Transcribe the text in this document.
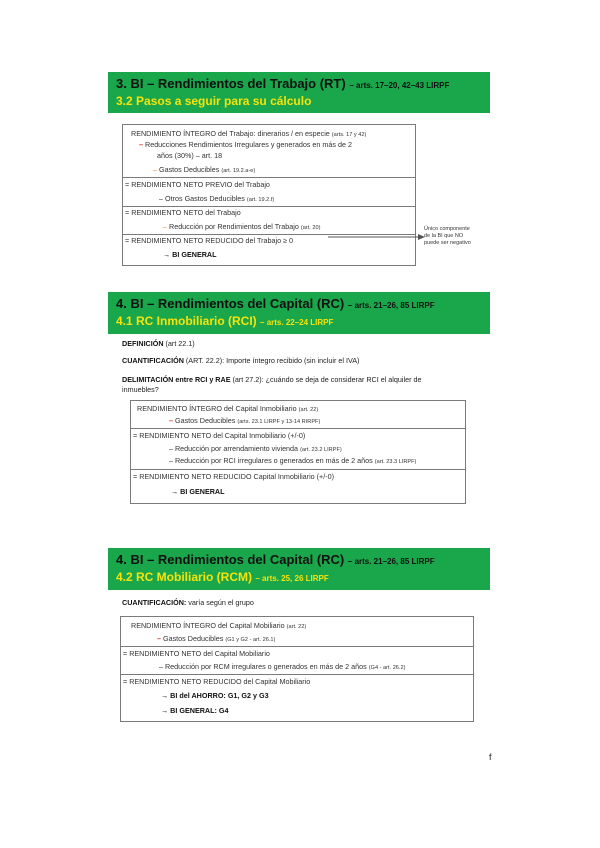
3. BI – Rendimientos del Trabajo (RT) – arts. 17–20, 42–43 LIRPF
3.2 Pasos a seguir para su cálculo
RENDIMIENTO ÍNTEGRO del Trabajo: dinerarios / en especie (arts. 17 y 42)
– Reducciones Rendimientos Irregulares y generados en más de 2
años (30%) – art. 18
– Gastos Deducibles (art. 19.2.a-e)
= RENDIMIENTO NETO PREVIO del Trabajo
– Otros Gastos Deducibles (art. 19.2.f)
= RENDIMIENTO NETO del Trabajo
– Reducción por Rendimientos del Trabajo (art. 20)
= RENDIMIENTO NETO REDUCIDO del Trabajo ≥ 0
→ BI GENERAL
Único componente de la BI que NO puede ser negativo
4. BI – Rendimientos del Capital (RC) – arts. 21–26, 85 LIRPF
4.1 RC Inmobiliario (RCI) – arts. 22–24 LIRPF
DEFINICIÓN (art 22.1)
CUANTIFICACIÓN (ART. 22.2): Importe íntegro recibido (sin incluir el IVA)
DELIMITACIÓN entre RCI y RAE (art 27.2): ¿cuándo se deja de considerar RCI el alquiler de
inmuebles?
RENDIMIENTO ÍNTEGRO del Capital Inmobiliario (art. 22)
– Gastos Deducibles (arts. 23.1 LIRPF y 13-14 RIRPF)
= RENDIMIENTO NETO del Capital Inmobiliario (+/-0)
– Reducción por arrendamiento vivienda (art. 23.2 LIRPF)
– Reducción por RCI irregulares o generados en más de 2 años (art. 23.3 LIRPF)
= RENDIMIENTO NETO REDUCIDO Capital Inmobiliario (+/-0)
→ BI GENERAL
4. BI – Rendimientos del Capital (RC) – arts. 21–26, 85 LIRPF
4.2 RC Mobiliario (RCM) – arts. 25, 26 LIRPF
CUANTIFICACIÓN: varía según el grupo
RENDIMIENTO ÍNTEGRO del Capital Mobiliario (art. 22)
– Gastos Deducibles (G1 y G2 - art. 26.1)
= RENDIMIENTO NETO del Capital Mobiliario
– Reducción por RCM irregulares o generados en más de 2 años (G4 - art. 26.2)
= RENDIMIENTO NETO REDUCIDO del Capital Mobiliario
→ BI del AHORRO: G1, G2 y G3
→ BI GENERAL: G4
f
